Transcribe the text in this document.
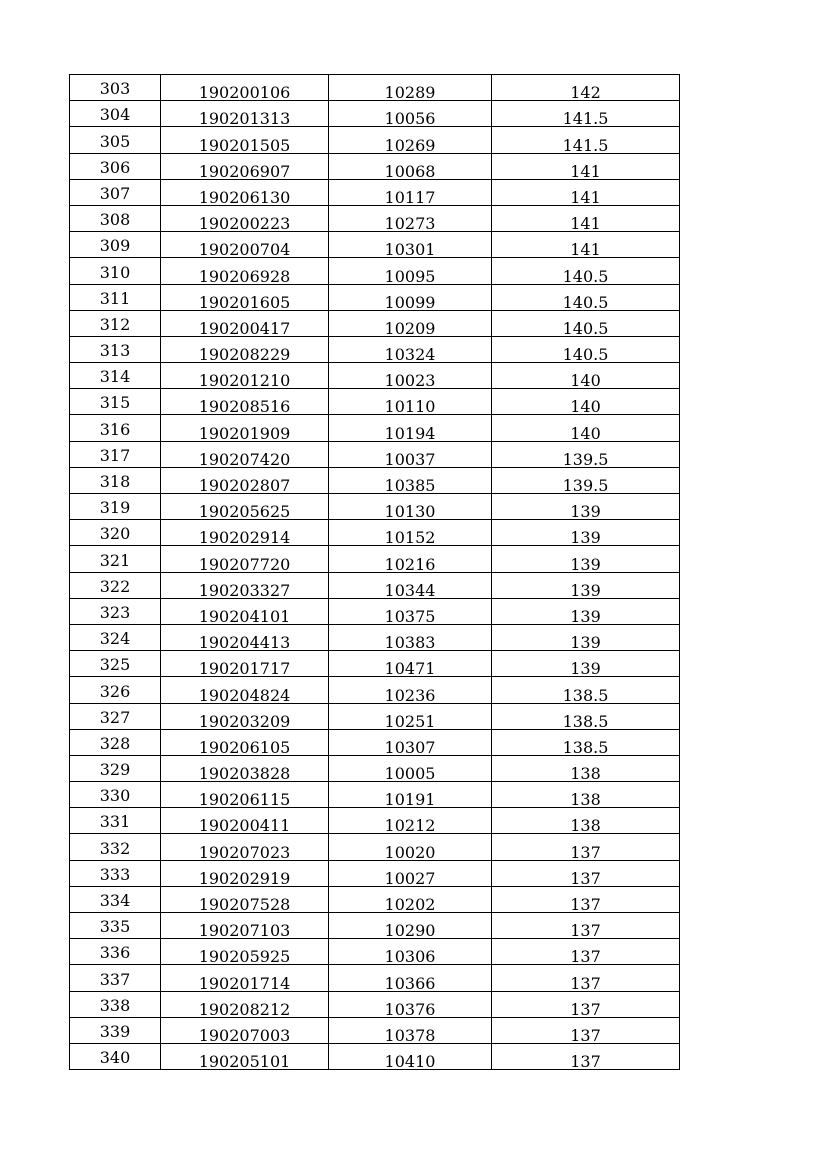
303	190200106	10289	142
304	190201313	10056	141.5
305	190201505	10269	141.5
306	190206907	10068	141
307	190206130	10117	141
308	190200223	10273	141
309	190200704	10301	141
310	190206928	10095	140.5
311	190201605	10099	140.5
312	190200417	10209	140.5
313	190208229	10324	140.5
314	190201210	10023	140
315	190208516	10110	140
316	190201909	10194	140
317	190207420	10037	139.5
318	190202807	10385	139.5
319	190205625	10130	139
320	190202914	10152	139
321	190207720	10216	139
322	190203327	10344	139
323	190204101	10375	139
324	190204413	10383	139
325	190201717	10471	139
326	190204824	10236	138.5
327	190203209	10251	138.5
328	190206105	10307	138.5
329	190203828	10005	138
330	190206115	10191	138
331	190200411	10212	138
332	190207023	10020	137
333	190202919	10027	137
334	190207528	10202	137
335	190207103	10290	137
336	190205925	10306	137
337	190201714	10366	137
338	190208212	10376	137
339	190207003	10378	137
340	190205101	10410	137
